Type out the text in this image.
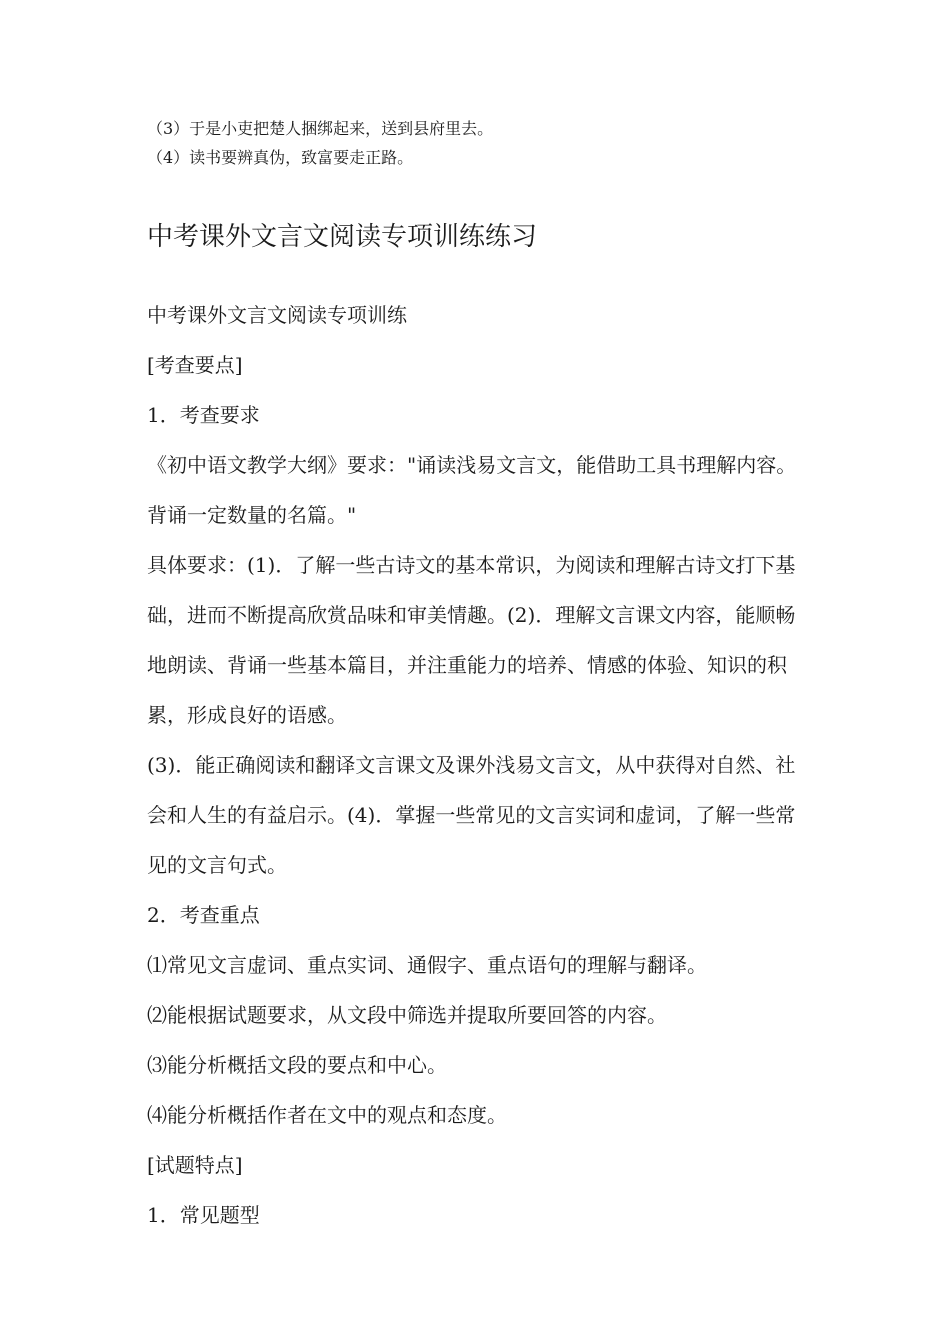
（3）于是小吏把楚人捆绑起来，送到县府里去。
（4）读书要辨真伪，致富要走正路。
中考课外文言文阅读专项训练练习

中考课外文言文阅读专项训练

[考查要点]

1．考查要求

《初中语文教学大纲》要求："诵读浅易文言文，能借助工具书理解内容。背诵一定数量的名篇。"

具体要求：(1)．了解一些古诗文的基本常识，为阅读和理解古诗文打下基础，进而不断提高欣赏品味和审美情趣。(2)．理解文言课文内容，能顺畅地朗读、背诵一些基本篇目，并注重能力的培养、情感的体验、知识的积累，形成良好的语感。

(3)．能正确阅读和翻译文言课文及课外浅易文言文，从中获得对自然、社会和人生的有益启示。(4)．掌握一些常见的文言实词和虚词，了解一些常见的文言句式。

2．考查重点

⑴常见文言虚词、重点实词、通假字、重点语句的理解与翻译。

⑵能根据试题要求，从文段中筛选并提取所要回答的内容。

⑶能分析概括文段的要点和中心。

⑷能分析概括作者在文中的观点和态度。

[试题特点]

1．常见题型
